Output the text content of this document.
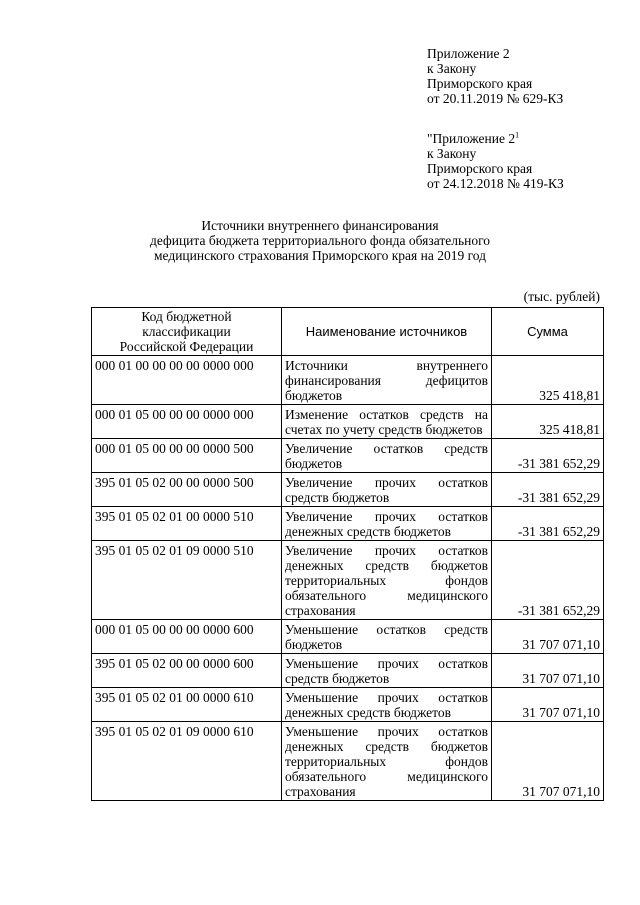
Приложение 2
к Закону
Приморского края
от 20.11.2019 № 629-КЗ
"Приложение $2^1$
к Закону
Приморского края
от 24.12.2018 № 419-КЗ
Источники внутреннего финансирования
дефицита бюджета территориального фонда обязательного
медицинского страхования Приморского края на 2019 год
(тыс. рублей)
Код бюджетной
классификации
Российской Федерации	Наименование источников	Сумма
000 01 00 00 00 00 0000 000	Источники внутреннего финансирования дефицитов бюджетов	325 418,81
000 01 05 00 00 00 0000 000	Изменение остатков средств на счетах по учету средств бюджетов	325 418,81
000 01 05 00 00 00 0000 500	Увеличение остатков средств бюджетов	-31 381 652,29
395 01 05 02 00 00 0000 500	Увеличение прочих остатков средств бюджетов	-31 381 652,29
395 01 05 02 01 00 0000 510	Увеличение прочих остатков денежных средств бюджетов	-31 381 652,29
395 01 05 02 01 09 0000 510	Увеличение прочих остатков денежных средств бюджетов территориальных фондов обязательного медицинского страхования	-31 381 652,29
000 01 05 00 00 00 0000 600	Уменьшение остатков средств бюджетов	31 707 071,10
395 01 05 02 00 00 0000 600	Уменьшение прочих остатков средств бюджетов	31 707 071,10
395 01 05 02 01 00 0000 610	Уменьшение прочих остатков денежных средств бюджетов	31 707 071,10
395 01 05 02 01 09 0000 610	Уменьшение прочих остатков денежных средств бюджетов территориальных фондов обязательного медицинского страхования	31 707 071,10
